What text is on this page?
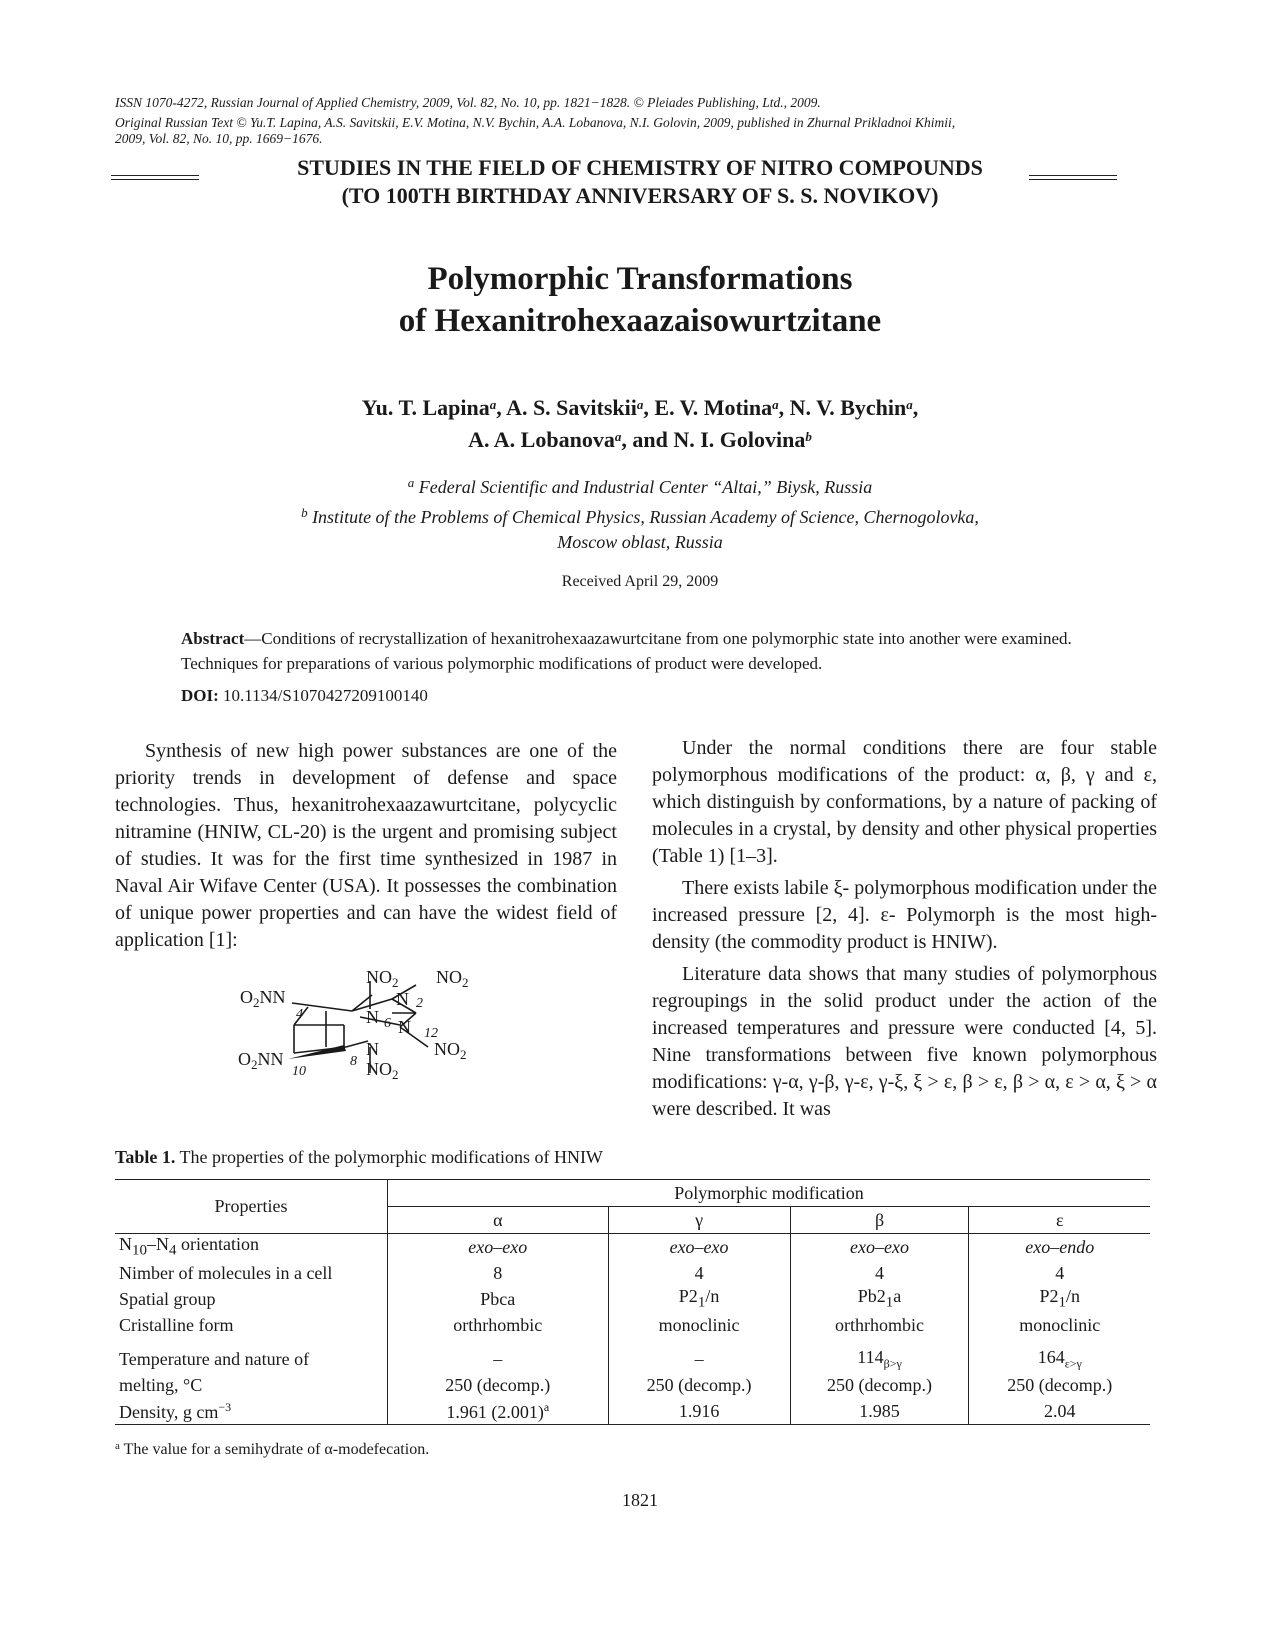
ISSN 1070-4272, Russian Journal of Applied Chemistry, 2009, Vol. 82, No. 10, pp. 1821−1828. © Pleiades Publishing, Ltd., 2009.
Original Russian Text © Yu.T. Lapina, A.S. Savitskii, E.V. Motina, N.V. Bychin, A.A. Lobanova, N.I. Golovin, 2009, published in Zhurnal Prikladnoi Khimii,
2009, Vol. 82, No. 10, pp. 1669−1676.
STUDIES IN THE FIELD OF CHEMISTRY OF NITRO COMPOUNDS
(TO 100TH BIRTHDAY ANNIVERSARY OF S. S. NOVIKOV)
Polymorphic Transformations
of Hexanitrohexaazaisowurtzitane
Yu. T. Lapina$^a$, A. S. Savitskii$^a$, E. V. Motina$^a$, N. V. Bychin$^a$,
A. A. Lobanova$^a$, and N. I. Golovina$^b$
$^a$ Federal Scientific and Industrial Center “Altai,” Biysk, Russia
$^b$ Institute of the Problems of Chemical Physics, Russian Academy of Science, Chernogolovka,
Moscow oblast, Russia
Received April 29, 2009
Abstract—Conditions of recrystallization of hexanitrohexaazawurtcitane from one polymorphic state into another were examined. Techniques for preparations of various polymorphic modifications of product were developed.
DOI: 10.1134/S1070427209100140

Synthesis of new high power substances are one of the priority trends in development of defense and space technologies. Thus, hexanitrohexaazawurtcitane, polycyclic nitramine (HNIW, CL-20) is the urgent and promising subject of studies. It was for the first time synthesized in 1987 in Naval Air Wifave Center (USA). It possesses the combination of unique power properties and can have the widest field of application [1]:

$O_2NN$
$O_2NN$
$NO_2$ $NO_2$
$NO_2$
$NO_2$
N
N N
N
4
2
6
12
10
8

Under the normal conditions there are four stable polymorphous modifications of the product: α, β, γ and ε, which distinguish by conformations, by a nature of packing of molecules in a crystal, by density and other physical properties (Table 1) [1–3].

There exists labile ξ- polymorphous modification under the increased pressure [2, 4]. ε- Polymorph is the most high-density (the commodity product is HNIW).

Literature data shows that many studies of polymorphous regroupings in the solid product under the action of the increased temperatures and pressure were conducted [4, 5]. Nine transformations between five known polymorphous modifications: γ-α, γ-β, γ-ε, γ-ξ, ξ > ε, β > ε, β > α, ε > α, ξ > α were described. It was

Table 1. The properties of the polymorphic modifications of HNIW
Properties	Polymorphic modification			
	α	γ	β	ε
$N_{10}-N_4$ orientation	exo–exo	exo–exo	exo–exo	exo–endo
Nimber of molecules in a cell	8	4	4	4
Spatial group	Pbca	$P2_1/n$	$Pb2_1a$	$P2_1/n$
Cristalline form	orthrhombic	monoclinic	orthrhombic	monoclinic
Temperature and nature of	–	–	$114_{\beta>\gamma}$	$164_{\varepsilon>\gamma}$
melting, °C	250 (decomp.)	250 (decomp.)	250 (decomp.)	250 (decomp.)
Density, g $cm^{-3}$	1.961 $(2.001)^a$	1.916	1.985	2.04
$^a$ The value for a semihydrate of α-modefecation.
1821
